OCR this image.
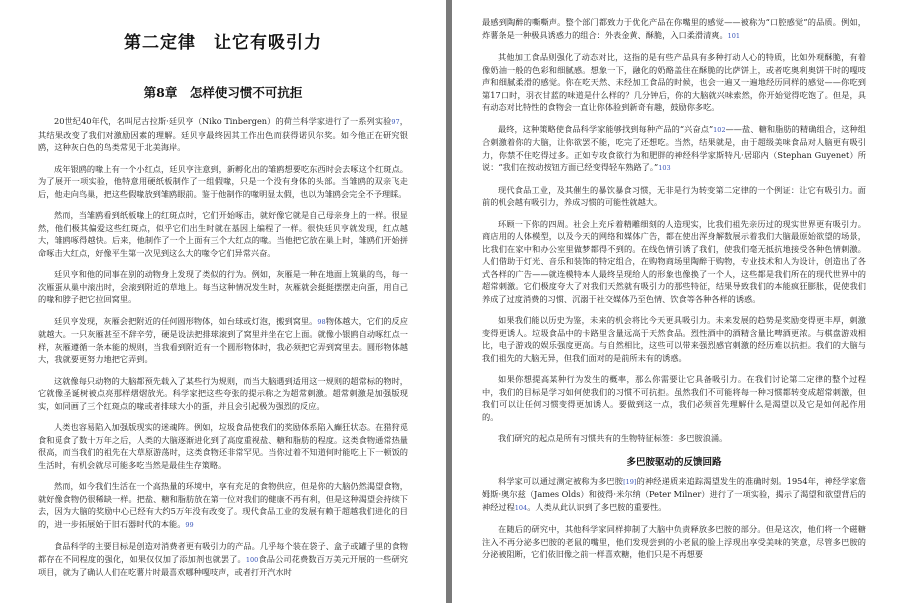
第二定律　让它有吸引力
第8章　怎样使习惯不可抗拒

20世纪40年代，名叫尼古拉斯·廷贝亨（Niko Tinbergen）的荷兰科学家进行了一系列实验97，其结果改变了我们对激励因素的理解。廷贝亨最终因其工作出色而获得诺贝尔奖。如今他正在研究银鸥，这种灰白色的鸟类常见于北美海岸。

成年银鸥的喙上有一个小红点，廷贝亨注意到，新孵化出的雏鸥想要吃东西时会去啄这个红斑点。为了展开一项实验，他特意用硬纸板制作了一组假喙，只是一个没有身体的头部。当雏鸥的双亲飞走后，他走向鸟巢，把这些假喙放到雏鸥眼前。鉴于他制作的喙明显太假，也以为雏鸥会完全不予理睬。

然而，当雏鸥看到纸板喙上的红斑点时，它们开始啄击，就好像它就是自己母亲身上的一样。很显然，他们极其偏爱这些红斑点，似乎它们出生时就在基因上编程了一样。很快廷贝亨就发现，红点越大，雏鸥啄得越快。后来，他制作了一个上面有三个大红点的喙。当他把它放在巢上时，雏鸥们开始拼命啄击大红点，好像平生第一次见到这么大的喙令它们异常兴奋。

廷贝亨和他的同事在别的动物身上发现了类似的行为。例如，灰雁是一种在地面上筑巢的鸟，每一次雁蛋从巢中滚出时，会滚到附近的草地上。每当这种情况发生时，灰雁就会挺挺摆摆走向蛋，用自己的喙和脖子把它拉回窝里。

廷贝亨发现，灰雁会把附近的任何圆形物体，如台球或灯泡，搬到窝里。98物体越大，它们的反应就越大。一只灰雁甚至不辞辛劳，硬是设法把排球滚到了窝里并坐在它上面。就像小银鸥自动啄红点一样，灰雁遵循一条本能的规则，当我看到附近有一个圆形物体时，我必须把它弄到窝里去。圆形物体越大，我就要更努力地把它弄到。

这就像每只动物的大脑都预先载入了某些行为规则，而当大脑遇到适用这一规则的超常标的物时，它就像圣诞树被点亮那样熠熠放光。科学家把这些夸张的提示称之为超常刺激。超常刺激是加强版现实，如同画了三个红斑点的喙或者排球大小的蛋，并且会引起极为强烈的反应。

人类也容易陷入加强版现实的迷魂阵。例如，垃圾食品使我们的奖励体系陷入癫狂状态。在猎狩觅食和觅食了数十万年之后，人类的大脑逐渐进化到了高度重视盐、糖和脂肪的程度。这类食物通常热量很高，而当我们的祖先在大草原游荡时，这类食物还非常罕见。当你过着不知道何时能吃上下一顿饭的生活时，有机会就尽可能多吃当然是最佳生存策略。

然而，如今我们生活在一个高热量的环境中，享有充足的食物供应，但是你的大脑仍然渴望食物，就好像食物仍很稀缺一样。把盐、糖和脂肪放在第一位对我们的健康不再有利，但是这种渴望会持续下去，因为大脑的奖励中心已经有大约5万年没有改变了。现代食品工业的发展有赖于超越我们进化的目的，进一步拓展始于旧石器时代的本能。99

食品科学的主要目标是创造对消费者更有吸引力的产品。几乎每个装在袋子、盒子或罐子里的食物都存在不同程度的强化，如果仅仅加了添加剂也就罢了。100食品公司花费数百万美元开展的一些研究项目，就为了确认人们在吃薯片时最喜欢哪种嘎吱声，或者打开汽水时

最感到陶醉的嘶嘶声。整个部门都致力于优化产品在你嘴里的感觉——被称为“口腔感觉”的品质。例如，炸薯条是一种极具诱惑力的组合：外表金黄、酥脆，入口柔滑清爽。101

其他加工食品则强化了动态对比，这指的是有些产品具有多种打动人心的特质，比如外观酥脆，有着像奶油一般的色彩和细腻感。想象一下，融化的奶酪盖住在酥脆的比萨饼上，或者吃奥利奥饼干时的嘎吱声和细腻柔滑的感觉。你在吃天然、未经加工食品的时候，也会一遍又一遍地经历同样的感觉——你吃到第17口时，羽衣甘蓝的味道是什么样的？几分钟后，你的大脑就兴味索然，你开始觉得吃饱了。但是，具有动态对比特性的食物会一直让你体验到新奇有趣，鼓励你多吃。

最终，这种策略使食品科学家能够找到每种产品的“兴奋点”102——盐、糖和脂肪的精确组合，这种组合刺激着你的大脑，让你欲罢不能，吃完了还想吃。当然，结果就是，由于超级美味食品对人脑更有吸引力，你禁不住吃得过多。正如专攻食欲行为和肥胖的神经科学家斯特凡·居耶内（Stephan Guyenet）所说：“我们在按动按钮方面已经变得轻车熟路了。”103

现代食品工业，及其催生的暴饮暴食习惯，无非是行为转变第二定律的一个例证：让它有吸引力。面前的机会越有吸引力，养成习惯的可能性就越大。

环顾一下你的四周。社会上充斥着精雕细刻的人造现实，比我们祖先亲历过的现实世界更有吸引力。商店用的人体模型，以及今天的网络和媒体广告，都在使出浑身解数展示着我们大脑最原始欲望的场景，比我们在家中和办公室里做梦都得不到的。在线色情引诱了我们，使我们毫无抵抗地接受各种色情刺激。人们借助于灯光、音乐和装饰的特定组合，在购物商场里陶醉于购物，专业技术和人为设计，创造出了各式各样的广告——就连模特本人最终呈现给人的形象也像换了一个人，这些都是我们所在的现代世界中的超常刺激。它们极度夸大了对我们天然就有吸引力的那些特征，结果导致我们的本能疯狂膨胀，促使我们养成了过度消费的习惯、沉溺于社交媒体乃至色情、饮食等各种各样的诱惑。

如果我们能以历史为鉴，未来的机会将比今天更具吸引力。未来发展的趋势是奖励变得更丰厚，刺激变得更诱人。垃圾食品中的卡路里含量远高于天然食品。烈性酒中的酒精含量比啤酒更浓。与棋盘游戏相比，电子游戏的娱乐强度更高。与自然相比，这些可以带来强烈感官刺激的经历难以抗拒。我们的大脑与我们祖先的大脑无异，但我们面对的是前所未有的诱惑。

如果你想提高某种行为发生的概率，那么你需要让它具备吸引力。在我们讨论第二定律的整个过程中，我们的目标是学习如何使我们的习惯不可抗拒。虽然我们不可能将每一种习惯都转变成超常刺激，但我们可以让任何习惯变得更加诱人。要做到这一点，我们必须首先理解什么是渴望以及它是如何起作用的。

我们研究的起点是所有习惯共有的生物特征标签：多巴胺浪涌。

多巴胺驱动的反馈回路

科学家可以通过测定被称为多巴胺[19]的神经递质来追踪渴望发生的准确时刻。1954年，神经学家詹姆斯·奥尔兹（James Olds）和彼得·米尔纳（Peter Milner）进行了一项实验，揭示了渴望和欲望背后的神经过程104。人类从此认识到了多巴胺的重要性。

在随后的研究中，其他科学家同样抑制了大脑中负责释放多巴胺的部分。但是这次，他们将一个磁糖注入不再分泌多巴胺的老鼠的嘴里，他们发现尝到的小老鼠的脸上浮现出享受美味的笑意，尽管多巴胺的分泌被阻断，它们依旧像之前一样喜欢糖，他们只是不再想要
